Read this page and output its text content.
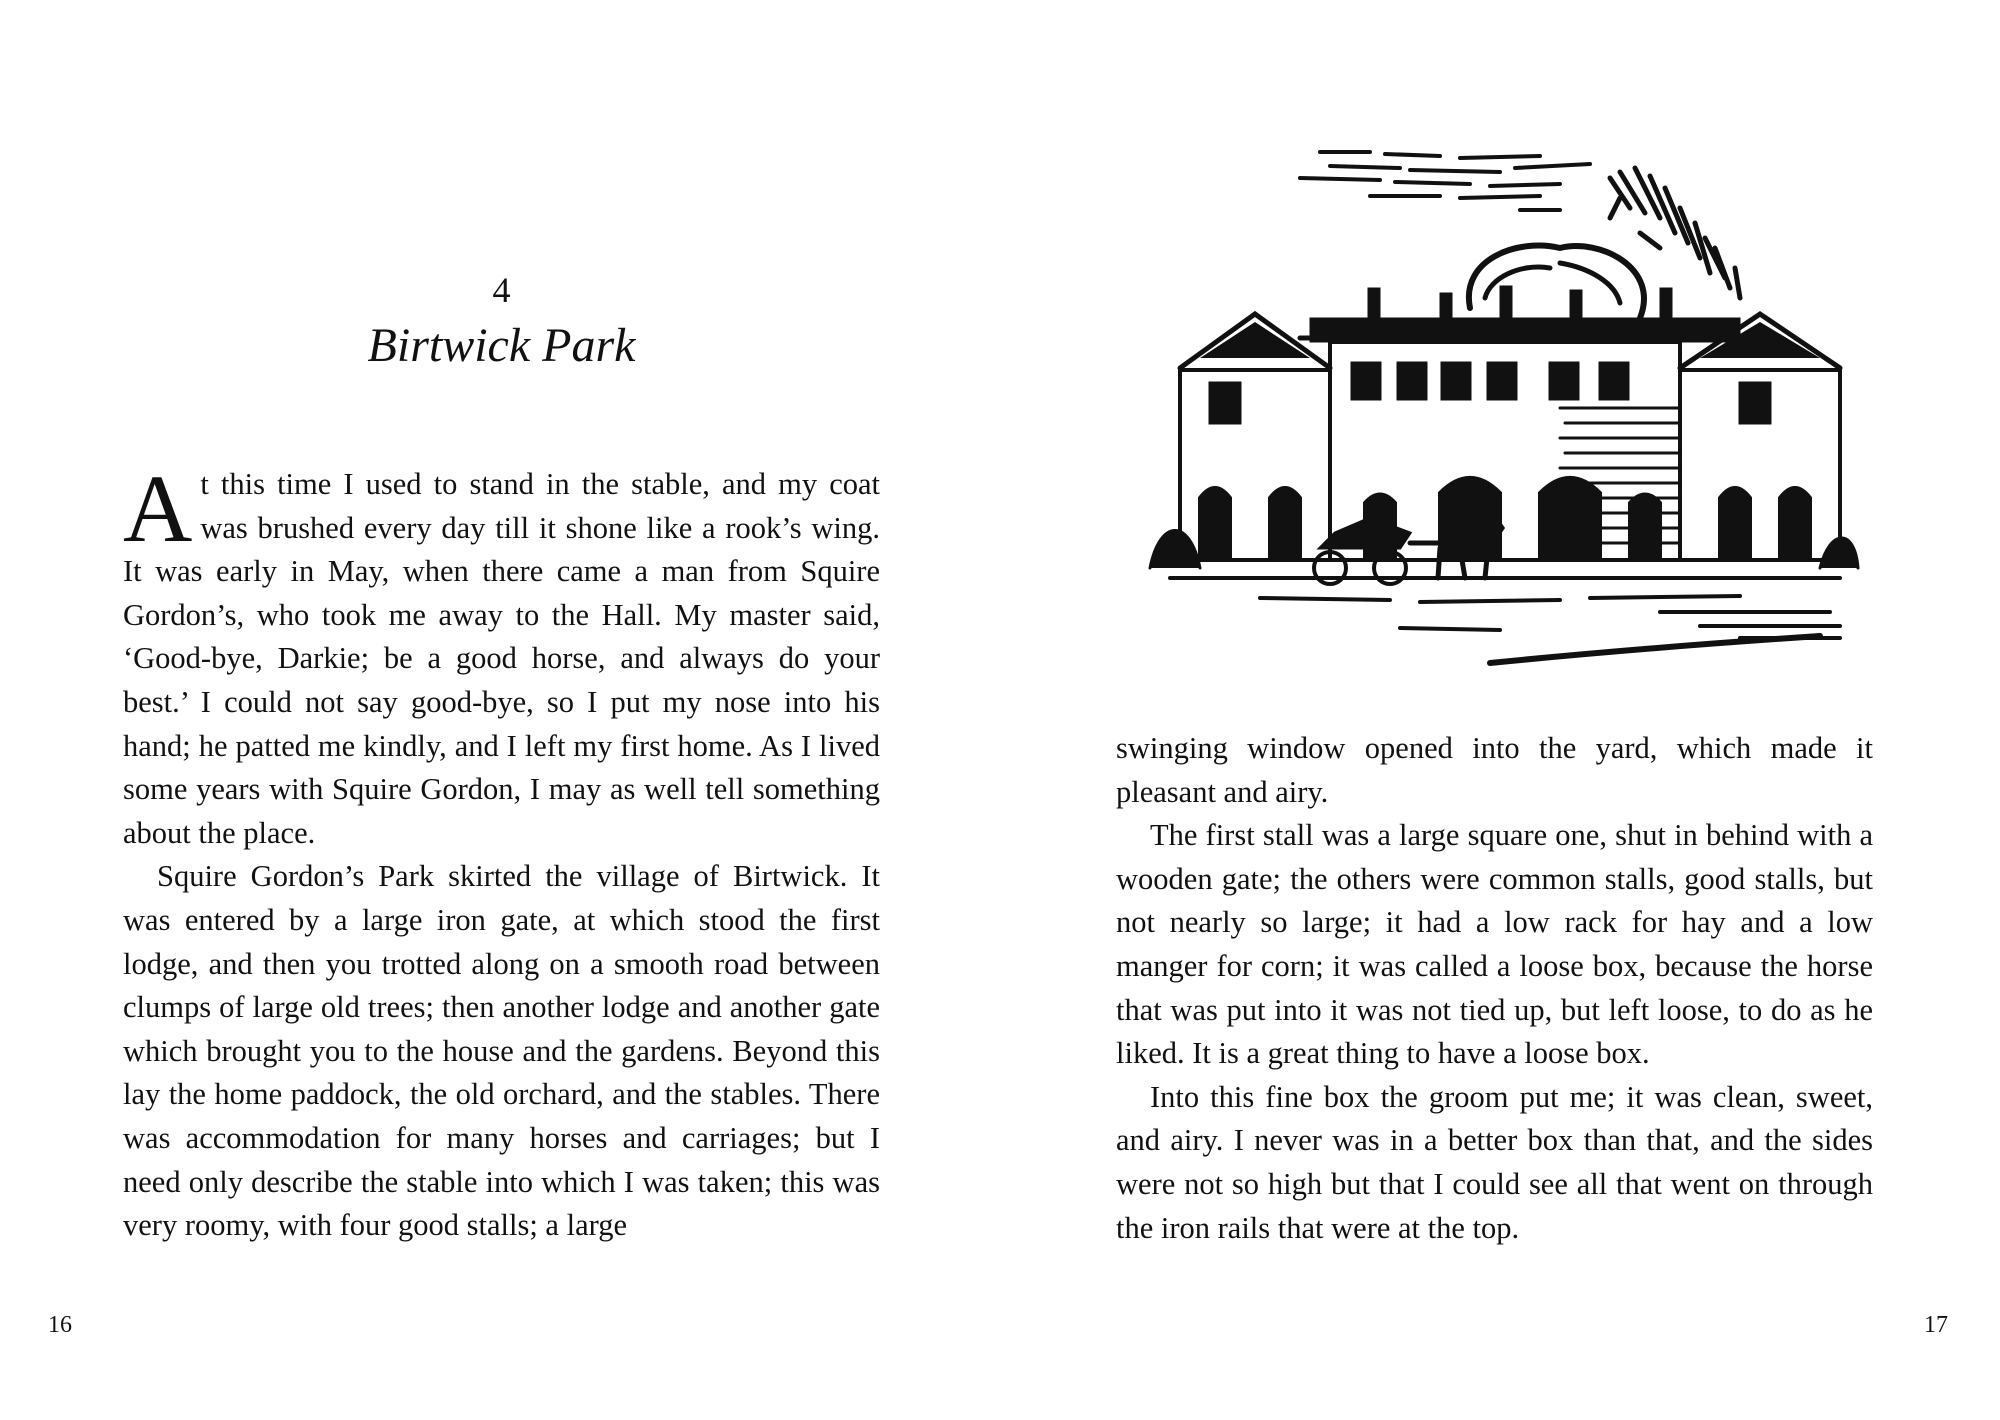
4
Birtwick Park

At this time I used to stand in the stable, and my coat was brushed every day till it shone like a rook’s wing. It was early in May, when there came a man from Squire Gordon’s, who took me away to the Hall. My master said, ‘Good-bye, Darkie; be a good horse, and always do your best.’ I could not say good-bye, so I put my nose into his hand; he patted me kindly, and I left my first home. As I lived some years with Squire Gordon, I may as well tell something about the place.

Squire Gordon’s Park skirted the village of Birtwick. It was entered by a large iron gate, at which stood the first lodge, and then you trotted along on a smooth road between clumps of large old trees; then another lodge and another gate which brought you to the house and the gardens. Beyond this lay the home paddock, the old orchard, and the stables. There was accommodation for many horses and carriages; but I need only describe the stable into which I was taken; this was very roomy, with four good stalls; a large

16

swinging window opened into the yard, which made it pleasant and airy.

The first stall was a large square one, shut in behind with a wooden gate; the others were common stalls, good stalls, but not nearly so large; it had a low rack for hay and a low manger for corn; it was called a loose box, because the horse that was put into it was not tied up, but left loose, to do as he liked. It is a great thing to have a loose box.

Into this fine box the groom put me; it was clean, sweet, and airy. I never was in a better box than that, and the sides were not so high but that I could see all that went on through the iron rails that were at the top.

17
